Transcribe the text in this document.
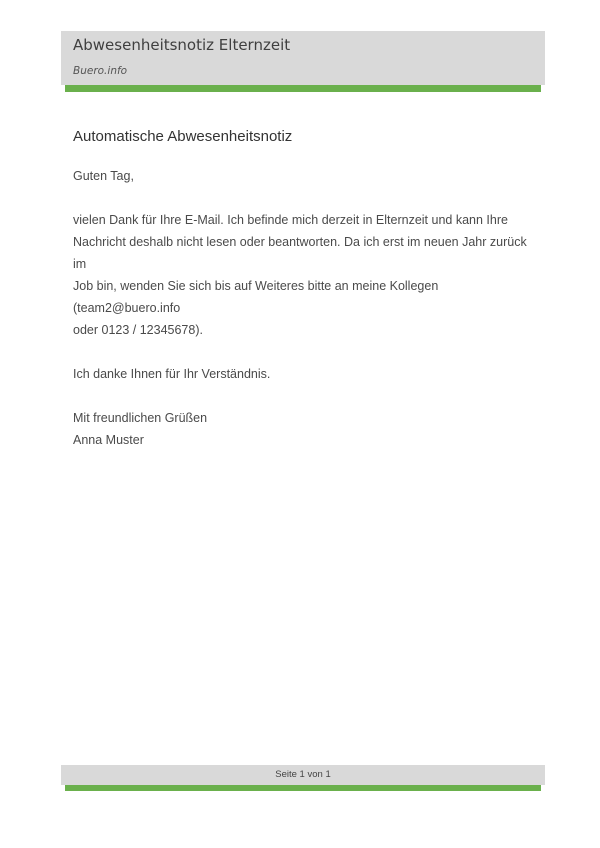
Abwesenheitsnotiz Elternzeit
Buero.info
Automatische Abwesenheitsnotiz

Guten Tag,

vielen Dank für Ihre E-Mail. Ich befinde mich derzeit in Elternzeit und kann Ihre
Nachricht deshalb nicht lesen oder beantworten. Da ich erst im neuen Jahr zurück im
Job bin, wenden Sie sich bis auf Weiteres bitte an meine Kollegen (team2@buero.info
oder 0123 / 12345678).

Ich danke Ihnen für Ihr Verständnis.

Mit freundlichen Grüßen

Anna Muster

Seite 1 von 1
